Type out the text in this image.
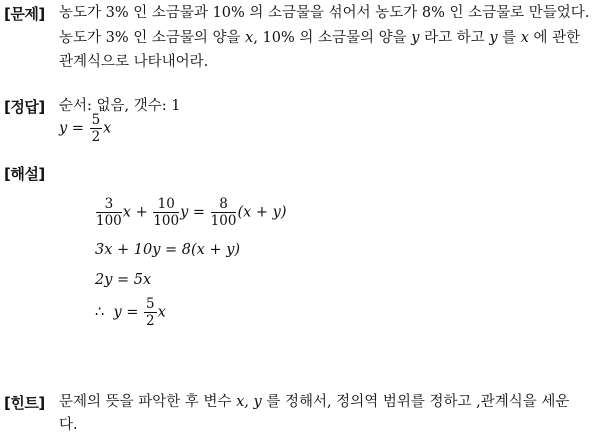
[문제] 농도가 3% 인 소금물과 10% 의 소금물을 섞어서 농도가 8% 인 소금물로 만들었다.
농도가 3% 인 소금물의 양을 x, 10% 의 소금물의 양을 y 라고 하고 y 를 x 에 관한
관계식으로 나타내어라.
[정답] 순서: 없음, 갯수: 1
$y = \frac{5}{2}$ x
[해설]
$\frac{3}{100}$ $x + \frac{10}{100}$ $y = \frac{8}{100} (x + y)$
3x + 10y = 8(x + y)
2y = 5x
∴ $y = \frac{5}{2}$ x
[힌트] 문제의 뜻을 파악한 후 변수 x, y 를 정해서, 정의역 범위를 정하고 ,관계식을 세운
다.
